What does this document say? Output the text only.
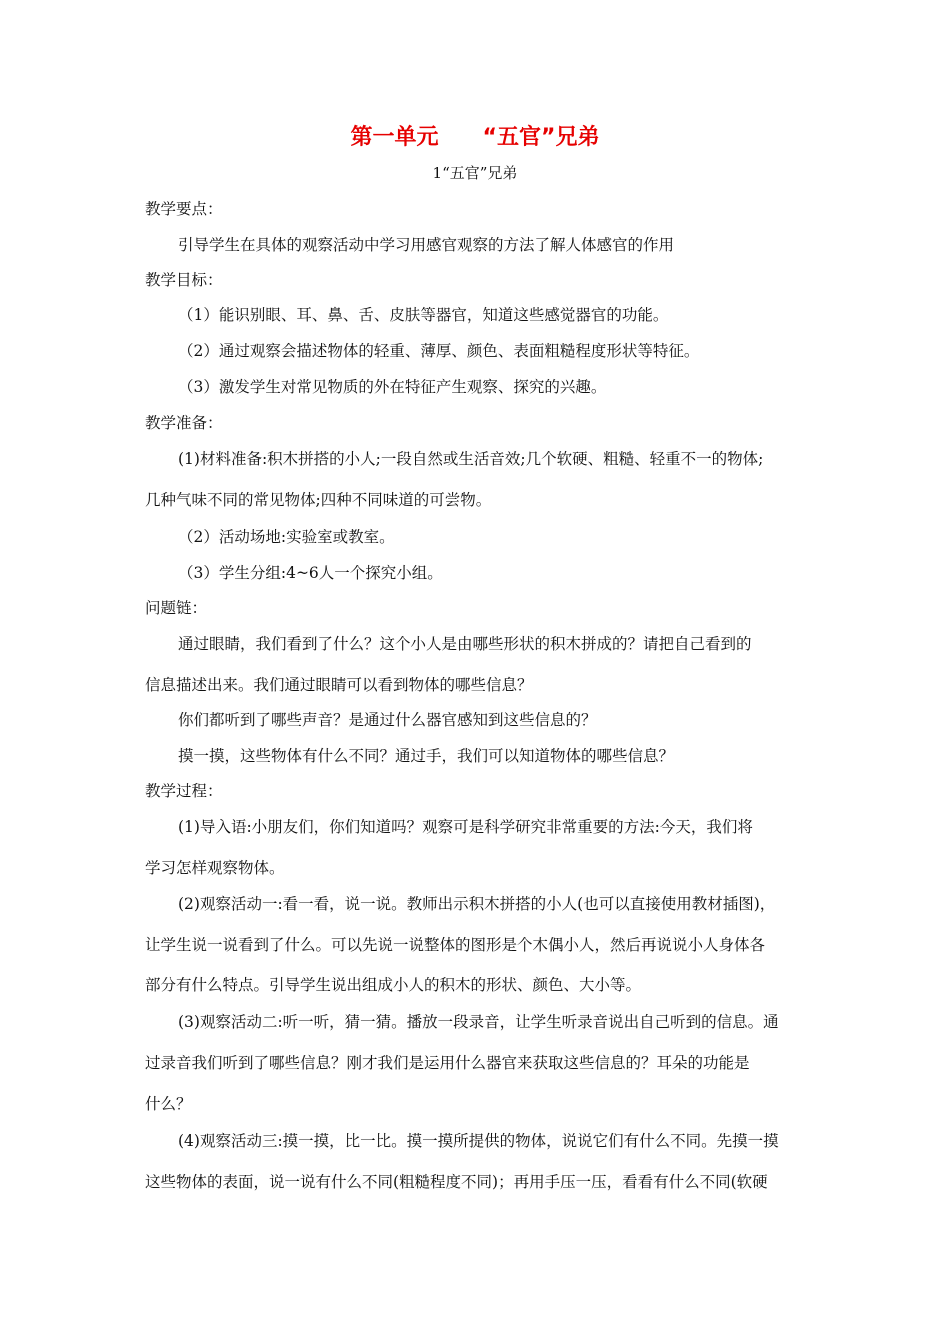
第一单元　　“五官”兄弟
1“五官”兄弟
教学要点：
引导学生在具体的观察活动中学习用感官观察的方法了解人体感官的作用
教学目标：
（1）能识别眼、耳、鼻、舌、皮肤等器官，知道这些感觉器官的功能。
（2）通过观察会描述物体的轻重、薄厚、颜色、表面粗糙程度形状等特征。
（3）激发学生对常见物质的外在特征产生观察、探究的兴趣。
教学准备：
(1)材料准备:积木拼搭的小人;一段自然或生活音效;几个软硬、粗糙、轻重不一的物体;
几种气味不同的常见物体;四种不同味道的可尝物。
（2）活动场地:实验室或教室。
（3）学生分组:4~6人一个探究小组。
问题链：
通过眼睛，我们看到了什么？这个小人是由哪些形状的积木拼成的？请把自己看到的
信息描述出来。我们通过眼睛可以看到物体的哪些信息？
你们都听到了哪些声音？是通过什么器官感知到这些信息的？
摸一摸，这些物体有什么不同？通过手，我们可以知道物体的哪些信息？
教学过程：
(1)导入语:小朋友们，你们知道吗？观察可是科学研究非常重要的方法:今天，我们将
学习怎样观察物体。
(2)观察活动一:看一看，说一说。教师出示积木拼搭的小人(也可以直接使用教材插图)，
让学生说一说看到了什么。可以先说一说整体的图形是个木偶小人，然后再说说小人身体各
部分有什么特点。引导学生说出组成小人的积木的形状、颜色、大小等。
(3)观察活动二:听一听，猜一猜。播放一段录音，让学生听录音说出自己听到的信息。通
过录音我们听到了哪些信息？刚才我们是运用什么器官来获取这些信息的？耳朵的功能是
什么？
(4)观察活动三:摸一摸，比一比。摸一摸所提供的物体，说说它们有什么不同。先摸一摸
这些物体的表面，说一说有什么不同(粗糙程度不同)；再用手压一压，看看有什么不同(软硬
